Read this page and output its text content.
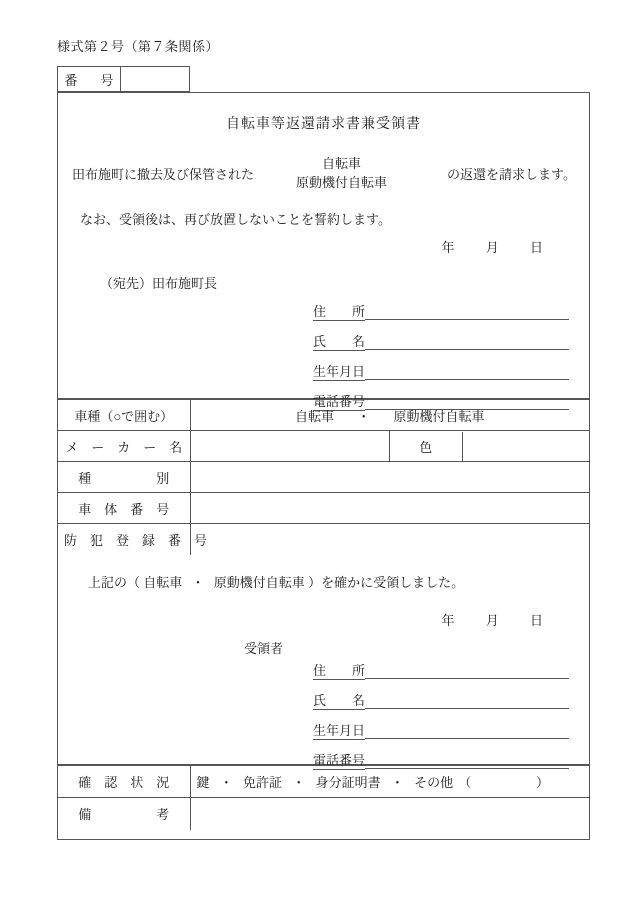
様式第２号（第７条関係）
番　号
自転車等返還請求書兼受領書
田布施町に撤去及び保管された
自転車
原動機付自転車	の返還を請求します。
なお、受領後は、再び放置しないことを誓約します。
年 月 日
（宛先）田布施町長
住　　所
氏　　名
生年月日
電話番号
車種（○で囲む）	自転車 ・ 原動機付自転車
メ　ー　カ　ー　名			色	

種　　　　　別	
車　体　番　号	
防　犯　登　録　番　号	
上記の（ 自転車 ・ 原動機付自転車 ）を確かに受領しました。
年 月 日
受領者
住　　所
氏　　名
生年月日
電話番号
確　認　状　況	鍵 ・ 免許証 ・ 身分証明書 ・ その他 （ ）

備　　　　　考	
